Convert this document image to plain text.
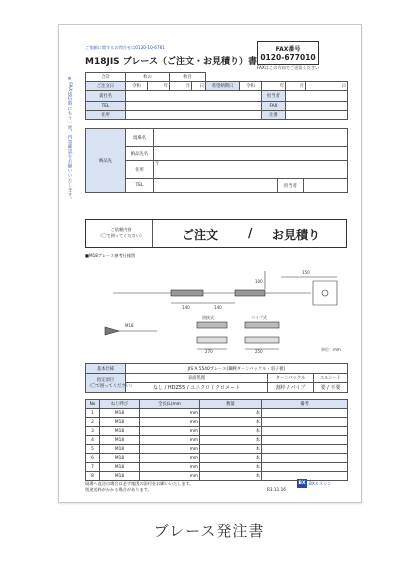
ご依頼に関するお問合せは0120-10-6761
M18JIS ブレース（ご注文・お見積り）書
FAX番号
0120-677010
FAXはこの方向でご送信ください
※FAX送信時にもう一度、内容確認をお願いいたします。	合計	枚の		枚目						
ご注文日	令和	年	月	日	希望納期日	令和	年	月	日
貴社名							担当者		
TEL							FAX		
住所							注番		
納品先	現場名			
	納品先名			
	住所	〒		
	TEL		担当者	
ご依頼内容
（〇で囲ってください）	ご注文 / お見積り
■M18ブレース参考仕様図
140	140
150
100
270	250
M18
溶接式	パイプ式
単位：mm
基本仕様	JIS A 5540ブレース(鋼棒ターンバックル・羽子板)		

指定項目
（〇で囲ってください）	表面処理	ターンバックル	エルシート
	なし / HDZ55 / ユニクロ / クロメート	割枠 / パイプ	要 / 不要
No	ねじ呼び	全長(L)mm	数量	備考
1	M18	mm	本	
2	M18	mm	本	
3	M18	mm	本	
4	M18	mm	本	
5	M18	mm	本	
6	M18	mm	本	
7	M18	mm	本	
8	M18	mm	本	
現場へ直送の場合は必ず地図の添付をお願いいたします。
別途送料がかかる場合があります。	R3.11.16
BX BXカネシン
ブレース発注書
